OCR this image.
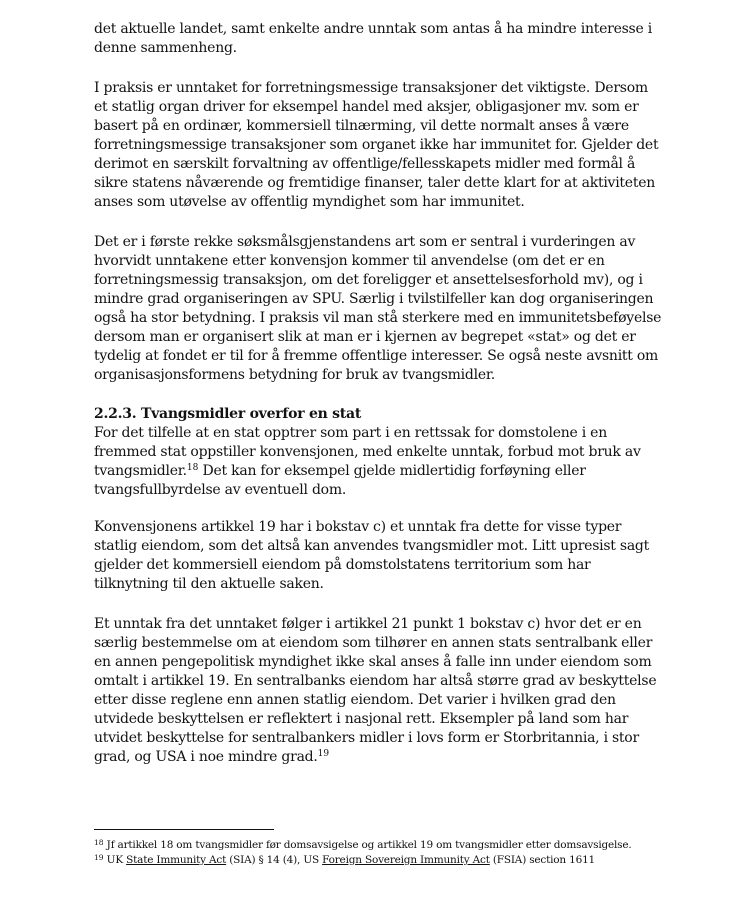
det aktuelle landet, samt enkelte andre unntak som antas å ha mindre interesse i denne sammenheng.

I praksis er unntaket for forretningsmessige transaksjoner det viktigste. Dersom et statlig organ driver for eksempel handel med aksjer, obligasjoner mv. som er basert på en ordinær, kommersiell tilnærming, vil dette normalt anses å være forretningsmessige transaksjoner som organet ikke har immunitet for. Gjelder det derimot en særskilt forvaltning av offentlige/fellesskapets midler med formål å sikre statens nåværende og fremtidige finanser, taler dette klart for at aktiviteten anses som utøvelse av offentlig myndighet som har immunitet.

Det er i første rekke søksmålsgjenstandens art som er sentral i vurderingen av hvorvidt unntakene etter konvensjon kommer til anvendelse (om det er en forretningsmessig transaksjon, om det foreligger et ansettelsesforhold mv), og i mindre grad organiseringen av SPU. Særlig i tvilstilfeller kan dog organiseringen også ha stor betydning. I praksis vil man stå sterkere med en immunitetsbeføyelse dersom man er organisert slik at man er i kjernen av begrepet «stat» og det er tydelig at fondet er til for å fremme offentlige interesser. Se også neste avsnitt om organisasjonsformens betydning for bruk av tvangsmidler.

2.2.3. Tvangsmidler overfor en stat

For det tilfelle at en stat opptrer som part i en rettssak for domstolene i en fremmed stat oppstiller konvensjonen, med enkelte unntak, forbud mot bruk av tvangsmidler.$^{18}$ Det kan for eksempel gjelde midlertidig forføyning eller tvangsfullbyrdelse av eventuell dom.

Konvensjonens artikkel 19 har i bokstav c) et unntak fra dette for visse typer statlig eiendom, som det altså kan anvendes tvangsmidler mot. Litt upresist sagt gjelder det kommersiell eiendom på domstolstatens territorium som har tilknytning til den aktuelle saken.

Et unntak fra det unntaket følger i artikkel 21 punkt 1 bokstav c) hvor det er en særlig bestemmelse om at eiendom som tilhører en annen stats sentralbank eller en annen pengepolitisk myndighet ikke skal anses å falle inn under eiendom som omtalt i artikkel 19. En sentralbanks eiendom har altså større grad av beskyttelse etter disse reglene enn annen statlig eiendom. Det varier i hvilken grad den utvidede beskyttelsen er reflektert i nasjonal rett. Eksempler på land som har utvidet beskyttelse for sentralbankers midler i lovs form er Storbritannia, i stor grad, og USA i noe mindre grad.$^{19}$

$^{18}$ Jf artikkel 18 om tvangsmidler før domsavsigelse og artikkel 19 om tvangsmidler etter domsavsigelse.
$^{19}$ UK State Immunity Act (SIA) § 14 (4), US Foreign Sovereign Immunity Act (FSIA) section 1611
